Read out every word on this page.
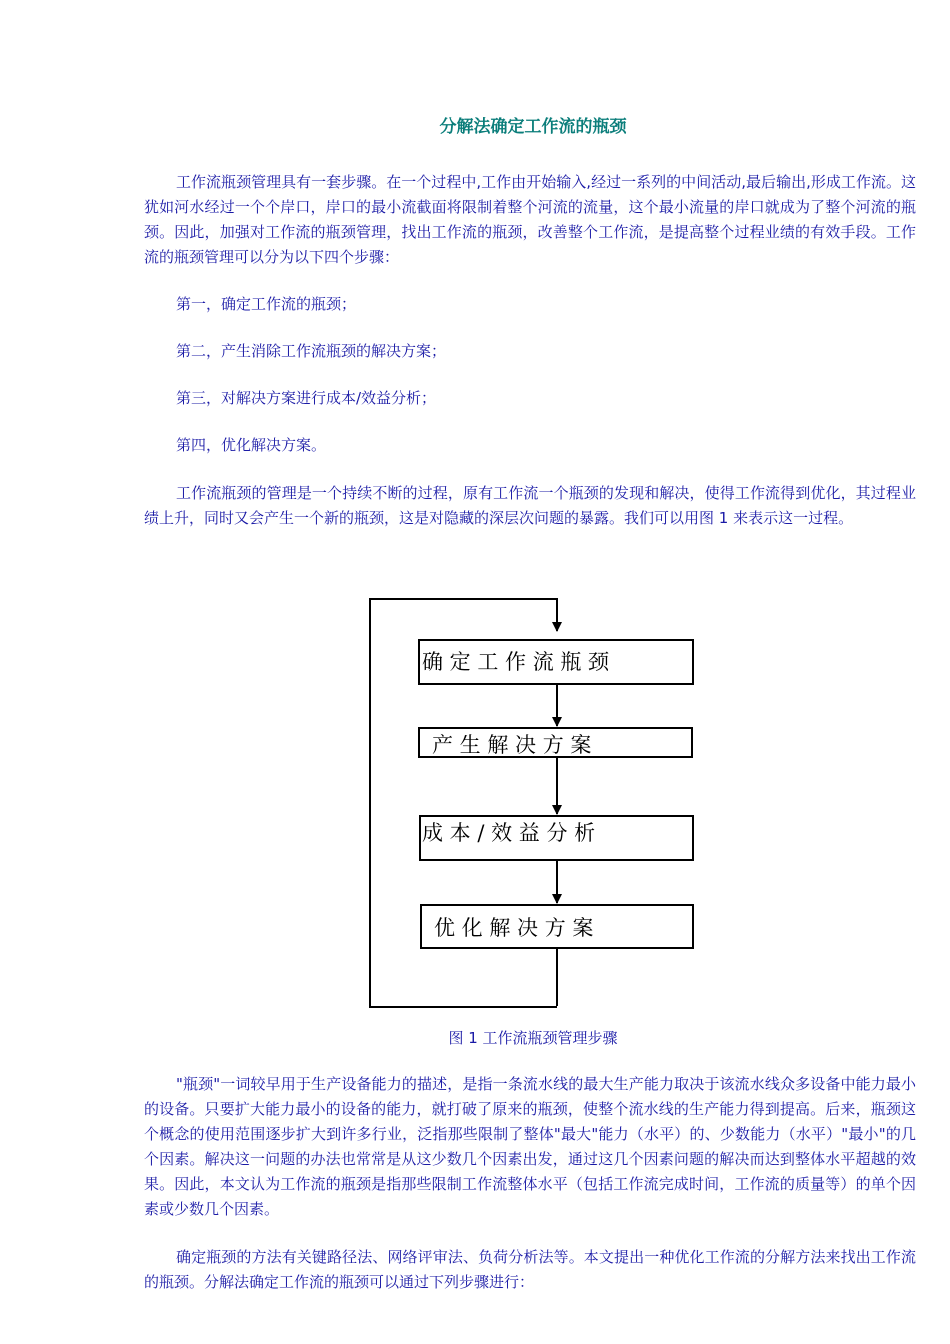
分解法确定工作流的瓶颈

工作流瓶颈管理具有一套步骤。在一个过程中,工作由开始输入,经过一系列的中间活动,最后输出,形成工作流。这犹如河水经过一个个岸口，岸口的最小流截面将限制着整个河流的流量，这个最小流量的岸口就成为了整个河流的瓶颈。因此，加强对工作流的瓶颈管理，找出工作流的瓶颈，改善整个工作流，是提高整个过程业绩的有效手段。工作流的瓶颈管理可以分为以下四个步骤：

第一，确定工作流的瓶颈；

第二，产生消除工作流瓶颈的解决方案；

第三，对解决方案进行成本/效益分析；

第四，优化解决方案。

工作流瓶颈的管理是一个持续不断的过程，原有工作流一个瓶颈的发现和解决，使得工作流得到优化，其过程业绩上升，同时又会产生一个新的瓶颈，这是对隐藏的深层次问题的暴露。我们可以用图 1 来表示这一过程。

确 定 工 作 流 瓶 颈
产 生 解 决 方 案
成 本 / 效 益 分 析
优 化 解 决 方 案
图 1 工作流瓶颈管理步骤

"瓶颈"一词较早用于生产设备能力的描述，是指一条流水线的最大生产能力取决于该流水线众多设备中能力最小的设备。只要扩大能力最小的设备的能力，就打破了原来的瓶颈，使整个流水线的生产能力得到提高。后来，瓶颈这个概念的使用范围逐步扩大到许多行业，泛指那些限制了整体"最大"能力（水平）的、少数能力（水平）"最小"的几个因素。解决这一问题的办法也常常是从这少数几个因素出发，通过这几个因素问题的解决而达到整体水平超越的效果。因此，本文认为工作流的瓶颈是指那些限制工作流整体水平（包括工作流完成时间，工作流的质量等）的单个因素或少数几个因素。

确定瓶颈的方法有关键路径法、网络评审法、负荷分析法等。本文提出一种优化工作流的分解方法来找出工作流的瓶颈。分解法确定工作流的瓶颈可以通过下列步骤进行：
